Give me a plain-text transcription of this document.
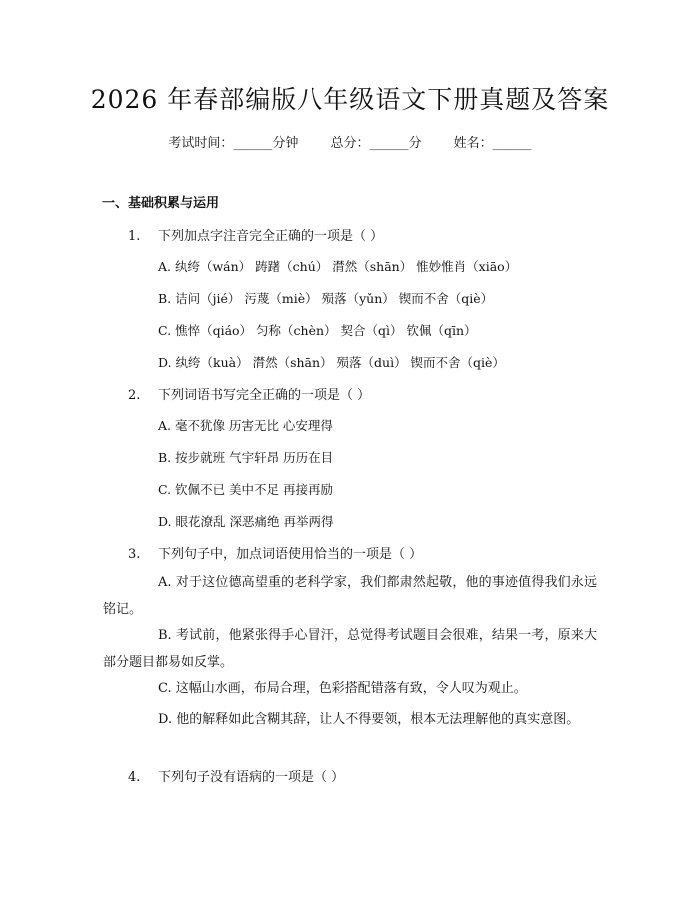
2026 年春部编版八年级语文下册真题及答案
考试时间：______分钟 总分：______分 姓名：______
一、基础积累与运用
1. 下列加点字注音完全正确的一项是（ ）
A. 纨绔（wán） 踌躇（chú） 潸然（shān） 惟妙惟肖（xiāo）
B. 诘问（jié） 污蔑（miè） 殒落（yǔn） 锲而不舍（qiè）
C. 憔悴（qiáo） 匀称（chèn） 契合（qì） 钦佩（qīn）
D. 纨绔（kuà） 潸然（shān） 殒落（duì） 锲而不舍（qiè）
2. 下列词语书写完全正确的一项是（ ）
A. 毫不犹像 历害无比 心安理得
B. 按步就班 气宇轩昂 历历在目
C. 钦佩不已 美中不足 再接再励
D. 眼花潦乱 深恶痛绝 再举两得
3. 下列句子中，加点词语使用恰当的一项是（ ）
A. 对于这位德高望重的老科学家，我们都肃然起敬，他的事迹值得我们永远铭记。
B. 考试前，他紧张得手心冒汗，总觉得考试题目会很难，结果一考，原来大部分题目都易如反掌。
C. 这幅山水画，布局合理，色彩搭配错落有致，令人叹为观止。
D. 他的解释如此含糊其辞，让人不得要领，根本无法理解他的真实意图。
4. 下列句子没有语病的一项是（ ）
